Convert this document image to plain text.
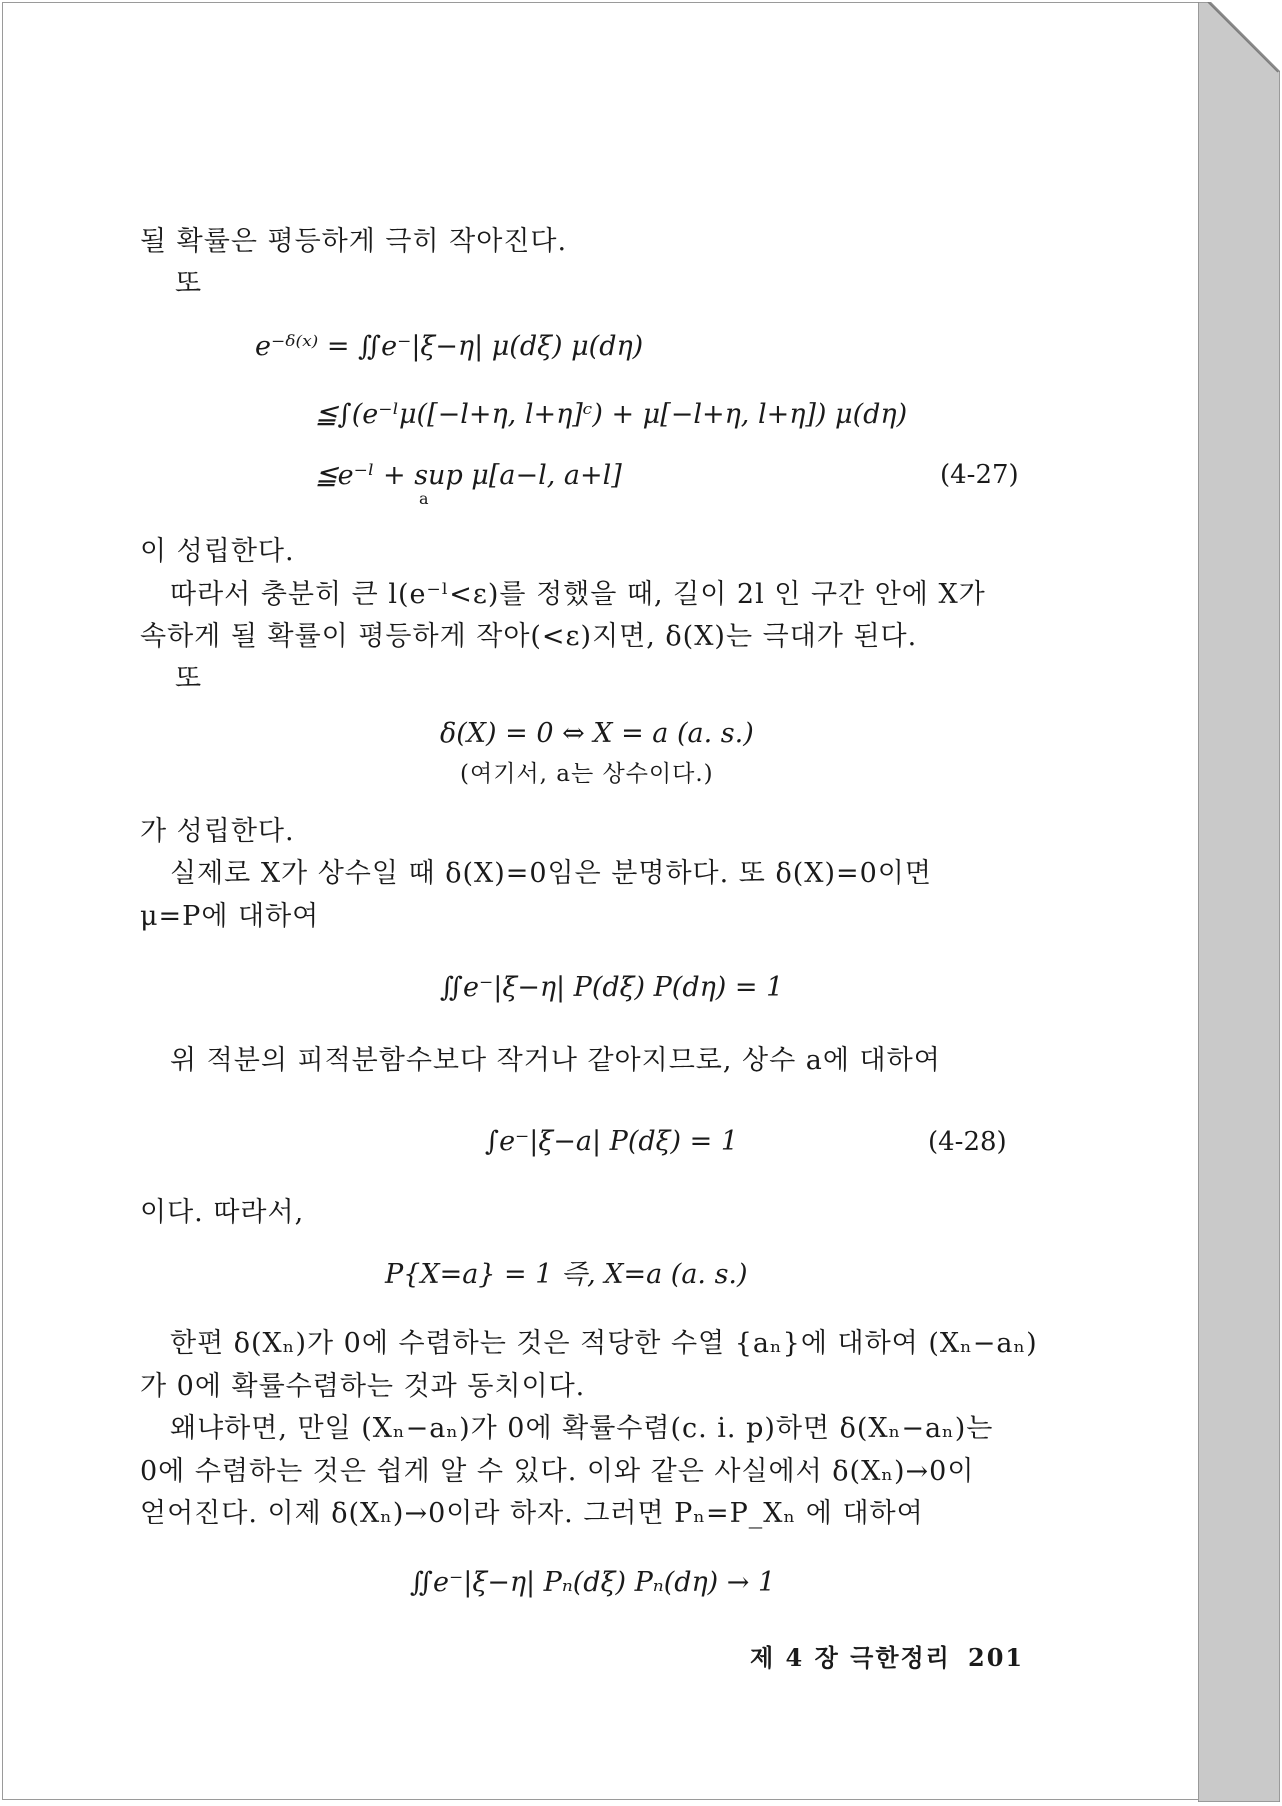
될 확률은 평등하게 극히 작아진다.
또
e⁻ᵟ⁽ˣ⁾ = ∬e⁻|ξ−η| μ(dξ) μ(dη)
≦∫(e⁻ˡμ([−l+η, l+η]ᶜ) + μ[−l+η, l+η]) μ(dη)
≦e⁻ˡ + sup μ[a−l, a+l]
a
(4-27)
이 성립한다.
따라서 충분히 큰 l(e⁻ˡ<ε)를 정했을 때, 길이 2l 인 구간 안에 X가
속하게 될 확률이 평등하게 작아(<ε)지면, δ(X)는 극대가 된다.
또
δ(X) = 0 ⇔ X = a (a. s.)
(여기서, a는 상수이다.)
가 성립한다.
실제로 X가 상수일 때 δ(X)=0임은 분명하다. 또 δ(X)=0이면
μ=P에 대하여
∬e⁻|ξ−η| P(dξ) P(dη) = 1
위 적분의 피적분함수보다 작거나 같아지므로, 상수 a에 대하여
∫e⁻|ξ−a| P(dξ) = 1	(4-28)
이다. 따라서,
P{X=a} = 1 즉, X=a (a. s.)
한편 δ(Xₙ)가 0에 수렴하는 것은 적당한 수열 {aₙ}에 대하여 (Xₙ−aₙ)
가 0에 확률수렴하는 것과 동치이다.
왜냐하면, 만일 (Xₙ−aₙ)가 0에 확률수렴(c. i. p)하면 δ(Xₙ−aₙ)는
0에 수렴하는 것은 쉽게 알 수 있다. 이와 같은 사실에서 δ(Xₙ)→0이
얻어진다. 이제 δ(Xₙ)→0이라 하자. 그러면 Pₙ=P_Xₙ 에 대하여
∬e⁻|ξ−η| Pₙ(dξ) Pₙ(dη) → 1
제 4 장 극한정리 201
